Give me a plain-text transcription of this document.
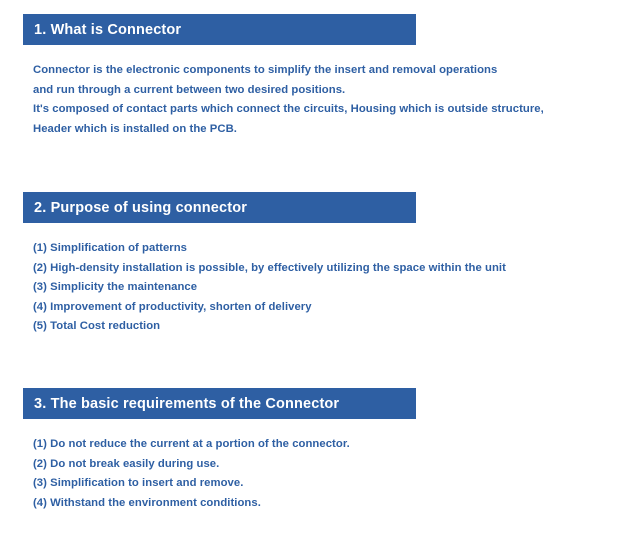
1. What is Connector
Connector is the electronic components to simplify the insert and removal operations
and run through a current between two desired positions.
It's composed of contact parts which connect the circuits, Housing which is outside structure,
Header which is installed on the PCB.
2. Purpose of using connector
(1) Simplification of patterns
(2) High-density installation is possible, by effectively utilizing the space within the unit
(3) Simplicity the maintenance
(4) Improvement of productivity, shorten of delivery
(5) Total Cost reduction
3. The basic requirements of the Connector
(1) Do not reduce the current at a portion of the connector.
(2) Do not break easily during use.
(3) Simplification to insert and remove.
(4) Withstand the environment conditions.
